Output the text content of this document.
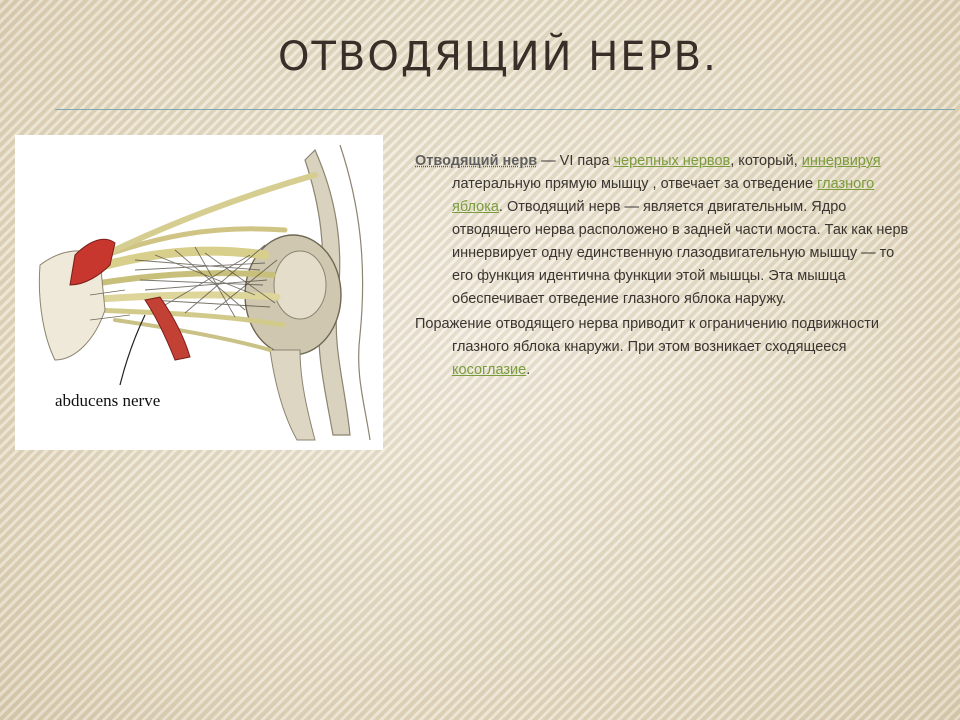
ОТВОДЯЩИЙ НЕРВ.
abducens nerve

Отводящий нерв — VI пара черепных нервов, который, иннервируя латеральную прямую мышцу , отвечает за отведение глазного яблока. Отводящий нерв — является двигательным. Ядро отводящего нерва расположено в задней части моста. Так как нерв иннервирует одну единственную глазодвигательную мышцу — то его функция идентична функции этой мышцы. Эта мышца обеспечивает отведение глазного яблока наружу.

Поражение отводящего нерва приводит к ограничению подвижности глазного яблока кнаружи. При этом возникает сходящееся косоглазие.
